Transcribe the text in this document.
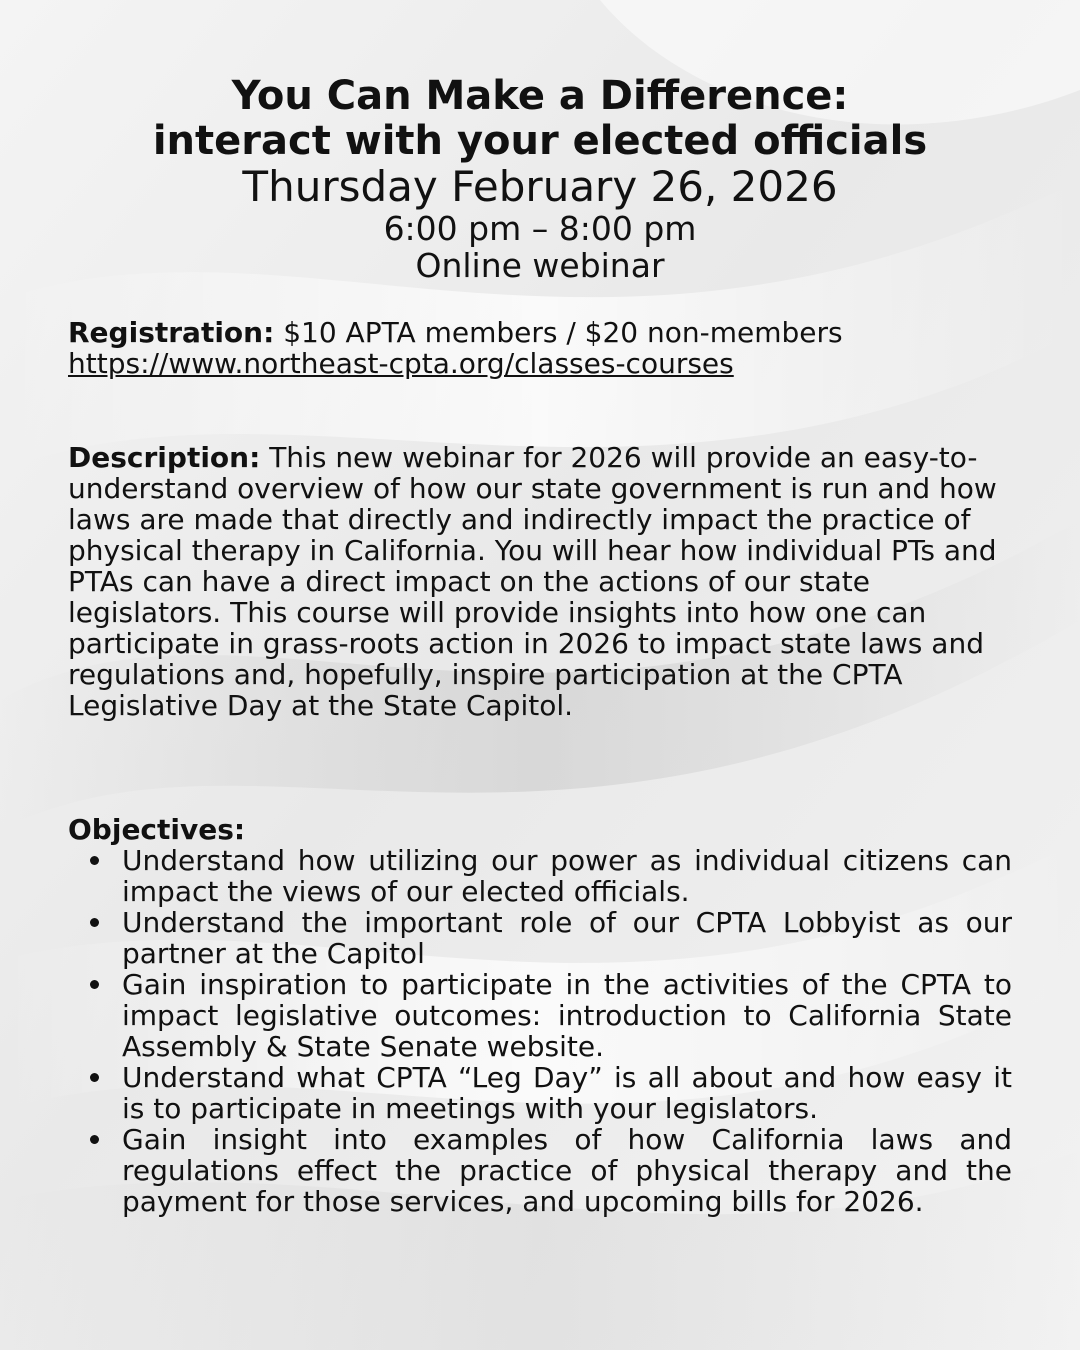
You Can Make a Difference:

interact with your elected officials

Thursday February 26, 2026

6:00 pm – 8:00 pm

Online webinar

Registration: $10 APTA members / $20 non-members

https://www.northeast-cpta.org/classes-courses

Description: This new webinar for 2026 will provide an easy-to-understand overview of how our state government is run and how laws are made that directly and indirectly impact the practice of physical therapy in California. You will hear how individual PTs and PTAs can have a direct impact on the actions of our state legislators. This course will provide insights into how one can participate in grass-roots action in 2026 to impact state laws and regulations and, hopefully, inspire participation at the CPTA Legislative Day at the State Capitol.

Objectives:

Understand how utilizing our power as individual citizens can impact the views of our elected officials.
Understand the important role of our CPTA Lobbyist as our partner at the Capitol
Gain inspiration to participate in the activities of the CPTA to impact legislative outcomes: introduction to California State Assembly & State Senate website.
Understand what CPTA “Leg Day” is all about and how easy it is to participate in meetings with your legislators.
Gain insight into examples of how California laws and regulations effect the practice of physical therapy and the payment for those services, and upcoming bills for 2026.
